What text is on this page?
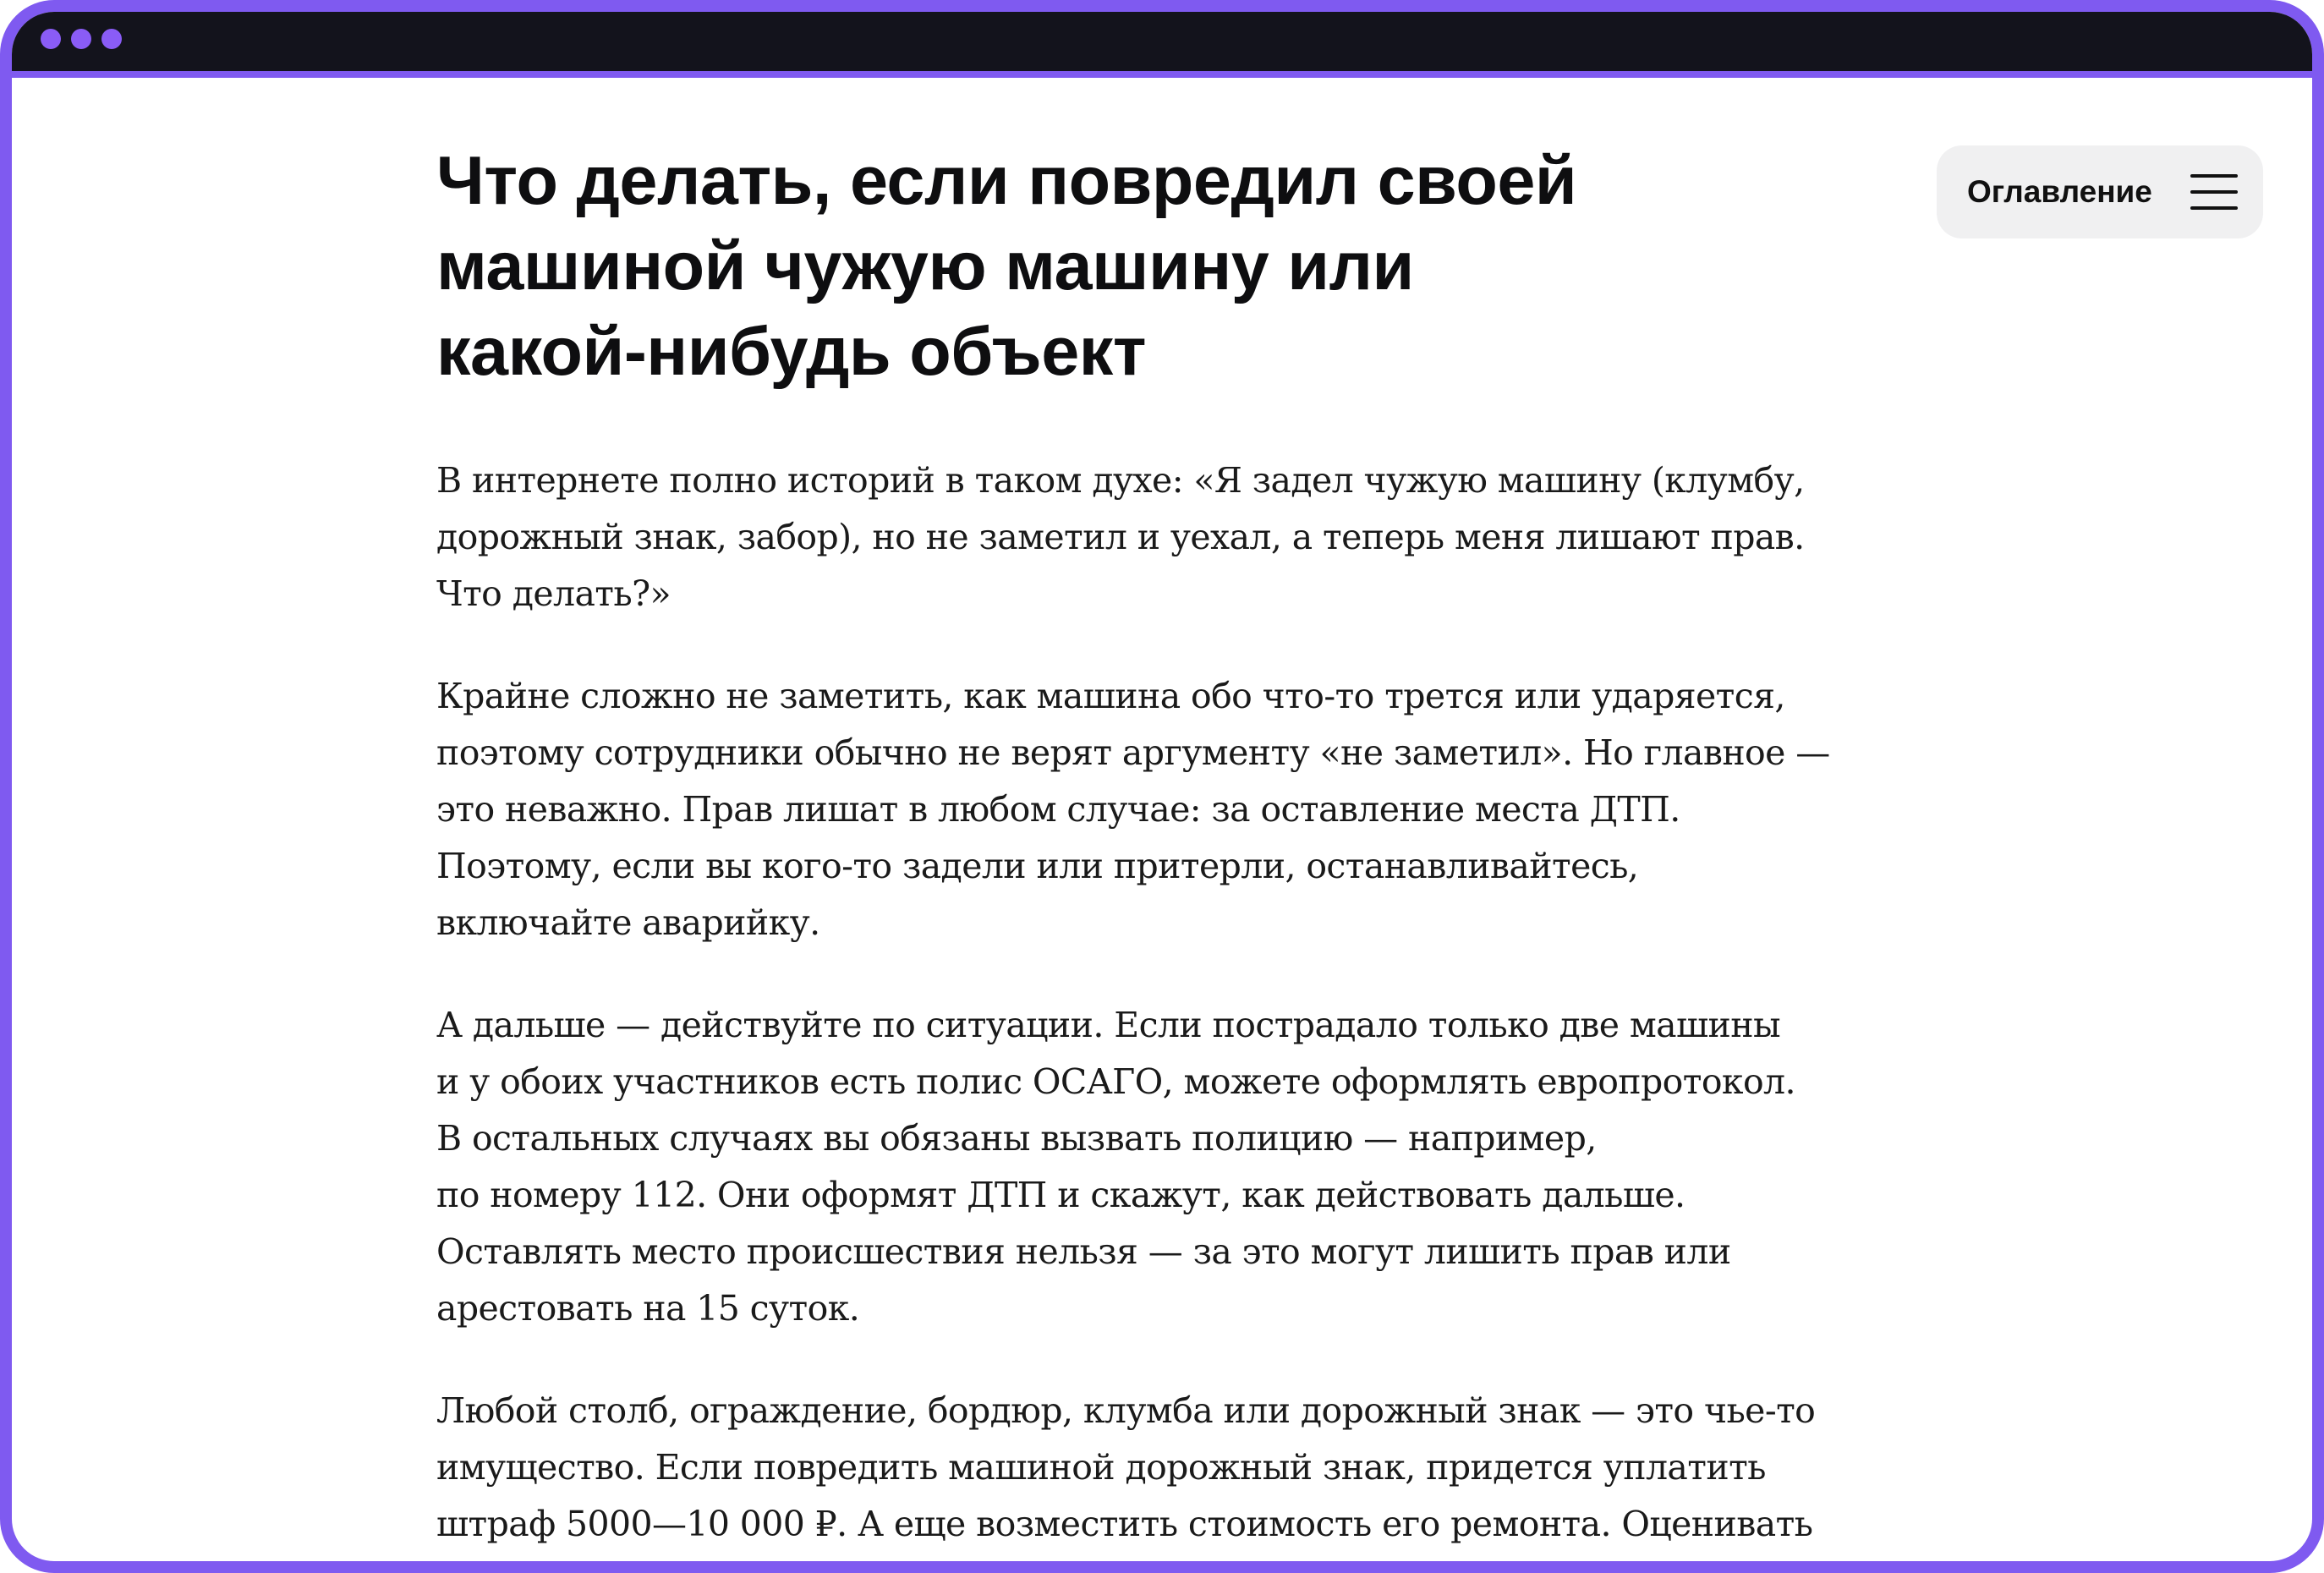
Что делать, если повредил своей
машиной чужую машину или
какой-нибудь объект

В интернете полно историй в таком духе: «Я задел чужую машину (клумбу,
дорожный знак, забор), но не заметил и уехал, а теперь меня лишают прав.
Что делать?»

Крайне сложно не заметить, как машина обо что-то трется или ударяется,
поэтому сотрудники обычно не верят аргументу «не заметил». Но главное —
это неважно. Прав лишат в любом случае: за оставление места ДТП.
Поэтому, если вы кого-то задели или притерли, останавливайтесь,
включайте аварийку.

А дальше — действуйте по ситуации. Если пострадало только две машины
и у обоих участников есть полис ОСАГО, можете оформлять европротокол.
В остальных случаях вы обязаны вызвать полицию — например,
по номеру 112. Они оформят ДТП и скажут, как действовать дальше.
Оставлять место происшествия нельзя — за это могут лишить прав или
арестовать на 15 суток.

Любой столб, ограждение, бордюр, клумба или дорожный знак — это чье-то
имущество. Если повредить машиной дорожный знак, придется уплатить
штраф 5000—10 000 ₽. А еще возместить стоимость его ремонта. Оценивать

Оглавление
